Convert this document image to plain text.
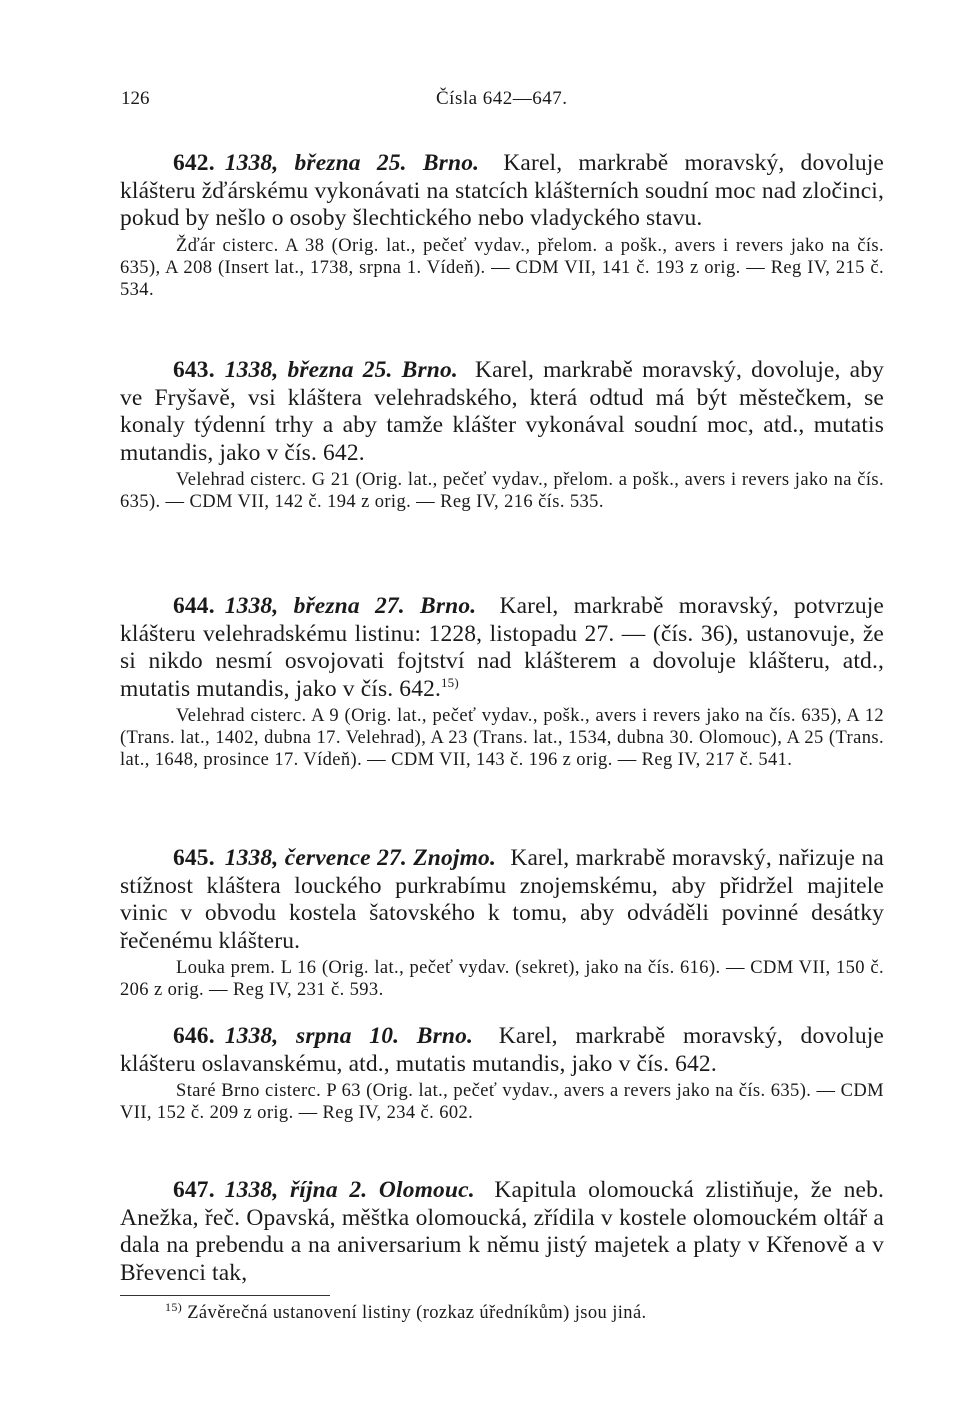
126	Čísla 642—647.
642. 1338, března 25. Brno. Karel, markrabě moravský, dovoluje klášteru žďárskému vykonávati na statcích klášterních soudní moc nad zločinci, pokud by nešlo o osoby šlechtického nebo vladyckého stavu.
Žďár cisterc. A 38 (Orig. lat., pečeť vydav., přelom. a pošk., avers i revers jako na čís. 635), A 208 (Insert lat., 1738, srpna 1. Vídeň). — CDM VII, 141 č. 193 z orig. — Reg IV, 215 č. 534.
643. 1338, března 25. Brno. Karel, markrabě moravský, dovoluje, aby ve Fryšavě, vsi kláštera velehradského, která odtud má být městečkem, se konaly týdenní trhy a aby tamže klášter vykonával soudní moc, atd., mutatis mutandis, jako v čís. 642.
Velehrad cisterc. G 21 (Orig. lat., pečeť vydav., přelom. a pošk., avers i revers jako na čís. 635). — CDM VII, 142 č. 194 z orig. — Reg IV, 216 čís. 535.
644. 1338, března 27. Brno. Karel, markrabě moravský, potvrzuje klášteru velehradskému listinu: 1228, listopadu 27. — (čís. 36), ustanovuje, že si nikdo nesmí osvojovati fojtství nad klášterem a dovoluje klášteru, atd., mutatis mutandis, jako v čís. 642.$^{15)}$
Velehrad cisterc. A 9 (Orig. lat., pečeť vydav., pošk., avers i revers jako na čís. 635), A 12 (Trans. lat., 1402, dubna 17. Velehrad), A 23 (Trans. lat., 1534, dubna 30. Olomouc), A 25 (Trans. lat., 1648, prosince 17. Vídeň). — CDM VII, 143 č. 196 z orig. — Reg IV, 217 č. 541.
645. 1338, července 27. Znojmo. Karel, markrabě moravský, nařizuje na stížnost kláštera louckého purkrabímu znojemskému, aby přidržel majitele vinic v obvodu kostela šatovského k tomu, aby odváděli povinné desátky řečenému klášteru.
Louka prem. L 16 (Orig. lat., pečeť vydav. (sekret), jako na čís. 616). — CDM VII, 150 č. 206 z orig. — Reg IV, 231 č. 593.
646. 1338, srpna 10. Brno. Karel, markrabě moravský, dovoluje klášteru oslavanskému, atd., mutatis mutandis, jako v čís. 642.
Staré Brno cisterc. P 63 (Orig. lat., pečeť vydav., avers a revers jako na čís. 635). — CDM VII, 152 č. 209 z orig. — Reg IV, 234 č. 602.
647. 1338, října 2. Olomouc. Kapitula olomoucká zlistiňuje, že neb. Anežka, řeč. Opavská, měštka olomoucká, zřídila v kostele olomouckém oltář a dala na prebendu a na aniversarium k němu jistý majetek a platy v Křenově a v Břevenci tak,
$^{15)}$ Závěrečná ustanovení listiny (rozkaz úředníkům) jsou jiná.
